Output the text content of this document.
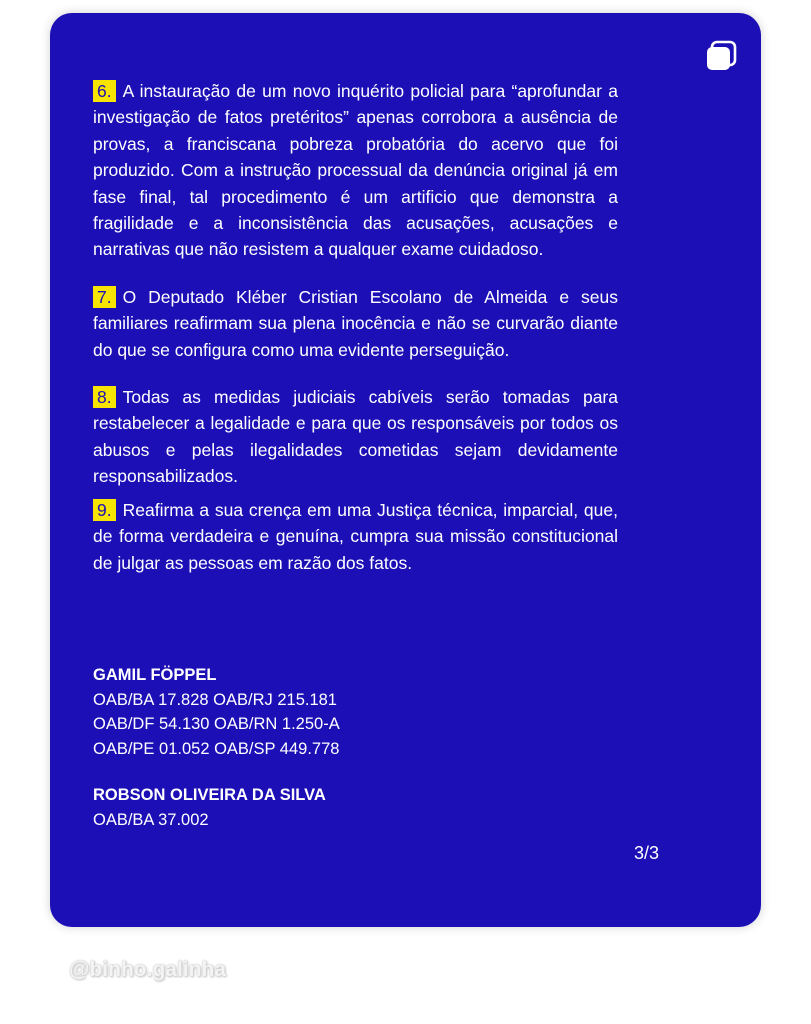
6. A instauração de um novo inquérito policial para “aprofundar a investigação de fatos pretéritos” apenas corrobora a ausência de provas, a franciscana pobreza probatória do acervo que foi produzido. Com a instrução processual da denúncia original já em fase final, tal procedimento é um artificio que demonstra a fragilidade e a inconsistência das acusações, acusações e narrativas que não resistem a qualquer exame cuidadoso.

7. O Deputado Kléber Cristian Escolano de Almeida e seus familiares reafirmam sua plena inocência e não se curvarão diante do que se configura como uma evidente perseguição.

8. Todas as medidas judiciais cabíveis serão tomadas para restabelecer a legalidade e para que os responsáveis por todos os abusos e pelas ilegalidades cometidas sejam devidamente responsabilizados.

9. Reafirma a sua crença em uma Justiça técnica, imparcial, que, de forma verdadeira e genuína, cumpra sua missão constitucional de julgar as pessoas em razão dos fatos.

GAMIL FÖPPEL
OAB/BA 17.828 OAB/RJ 215.181
OAB/DF 54.130 OAB/RN 1.250-A
OAB/PE 01.052 OAB/SP 449.778
ROBSON OLIVEIRA DA SILVA
OAB/BA 37.002
3/3
@binho.galinha
